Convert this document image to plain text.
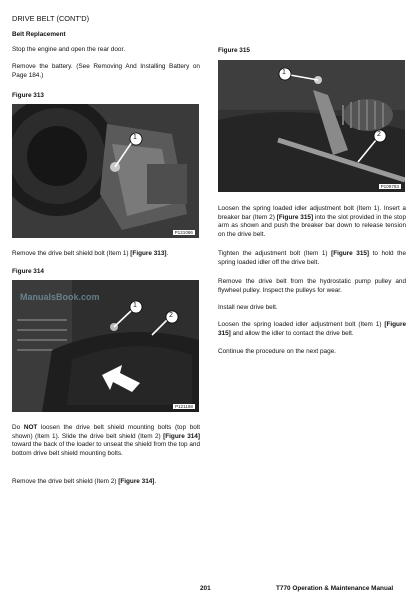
DRIVE BELT (CONT'D)
Belt Replacement
Stop the engine and open the rear door.
Remove the battery. (See Removing And Installing Battery on Page 184.)
Figure 313
1
P121086
Remove the drive belt shield bolt (Item 1) [Figure 313].
Figure 314
ManualsBook.com
1
2
P121168
Do NOT loosen the drive belt shield mounting bolts (top bolt shown) (Item 1). Slide the drive belt shield (Item 2) [Figure 314] toward the back of the loader to unseat the shield from the top and bottom drive belt shield mounting bolts.
Remove the drive belt shield (Item 2) [Figure 314].
Figure 315
1
2
P109783
Loosen the spring loaded idler adjustment bolt (Item 1). Insert a breaker bar (Item 2) [Figure 315] into the slot provided in the stop arm as shown and push the breaker bar down to release tension on the drive belt.
Tighten the adjustment bolt (Item 1) [Figure 315] to hold the spring loaded idler off the drive belt.
Remove the drive belt from the hydrostatic pump pulley and flywheel pulley. Inspect the pulleys for wear.
Install new drive belt.
Loosen the spring loaded idler adjustment bolt (Item 1) [Figure 315] and allow the idler to contact the drive belt.
Continue the procedure on the next page.
201	T770 Operation & Maintenance Manual
